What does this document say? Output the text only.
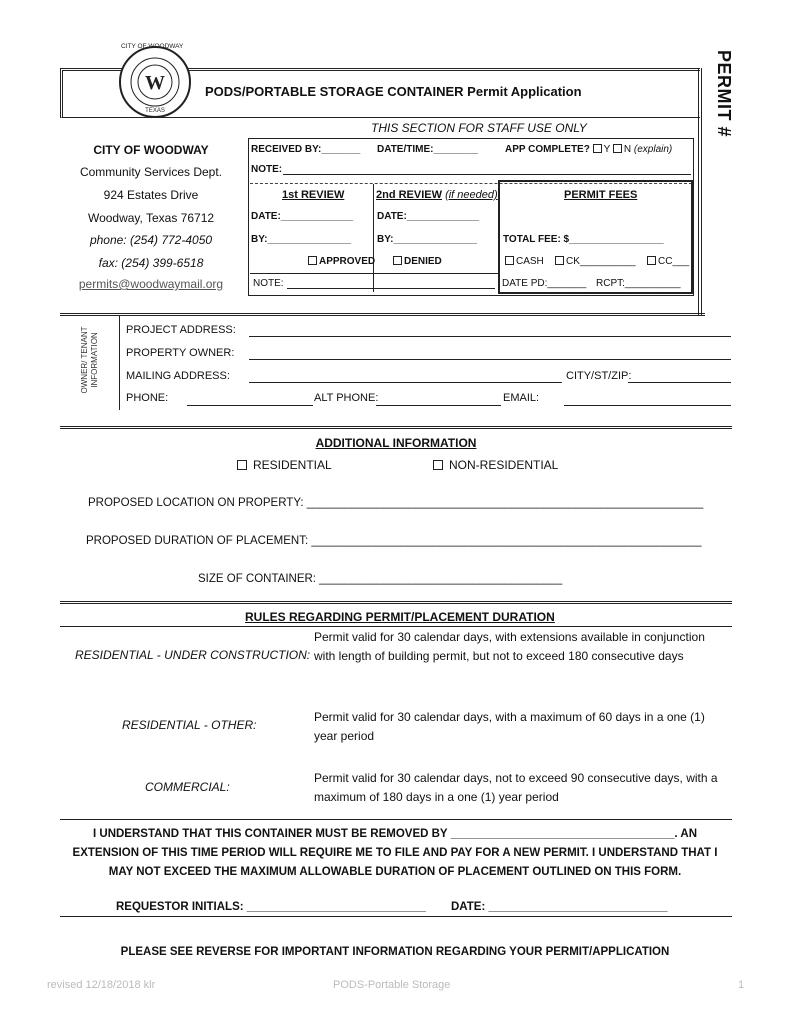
CITY OF WOODWAY
TEXAS
W	PODS/PORTABLE STORAGE CONTAINER Permit Application	PERMIT #
CITY OF WOODWAY
Community Services Dept.
924 Estates Drive
Woodway, Texas 76712
phone: (254) 772-4050
fax: (254) 399-6518
permits@woodwaymail.org
THIS SECTION FOR STAFF USE ONLY
RECEIVED BY:_______ DATE/TIME:________	APP COMPLETE? Y N (explain)
NOTE:
1st REVIEW	2nd REVIEW (if needed)	PERMIT FEES
DATE:_____________ DATE:_____________
BY:_______________	BY:_______________	TOTAL FEE: $_________________
APPROVED	DENIED	CASH	CK__________	CC___
NOTE:	DATE PD:_______ RCPT:__________
OWNER/ TENANT INFORMATION
PROJECT ADDRESS:
PROPERTY OWNER:
MAILING ADDRESS:	CITY/ST/ZIP:
PHONE:	ALT PHONE:	EMAIL:
ADDITIONAL INFORMATION
RESIDENTIAL	NON-RESIDENTIAL
PROPOSED LOCATION ON PROPERTY: ______________________________________________________________
PROPOSED DURATION OF PLACEMENT: _____________________________________________________________
SIZE OF CONTAINER: ______________________________________
RULES REGARDING PERMIT/PLACEMENT DURATION
RESIDENTIAL - UNDER CONSTRUCTION:
Permit valid for 30 calendar days, with extensions available in conjunction with length of building permit, but not to exceed 180 consecutive days
RESIDENTIAL - OTHER:
Permit valid for 30 calendar days, with a maximum of 60 days in a one (1) year period
COMMERCIAL:
Permit valid for 30 calendar days, not to exceed 90 consecutive days, with a maximum of 180 days in a one (1) year period
I UNDERSTAND THAT THIS CONTAINER MUST BE REMOVED BY ___________________________________. AN
EXTENSION OF THIS TIME PERIOD WILL REQUIRE ME TO FILE AND PAY FOR A NEW PERMIT. I UNDERSTAND THAT I
MAY NOT EXCEED THE MAXIMUM ALLOWABLE DURATION OF PLACEMENT OUTLINED ON THIS FORM.
REQUESTOR INITIALS: ____________________________ DATE: ____________________________
PLEASE SEE REVERSE FOR IMPORTANT INFORMATION REGARDING YOUR PERMIT/APPLICATION
revised 12/18/2018 klr	PODS-Portable Storage	1
